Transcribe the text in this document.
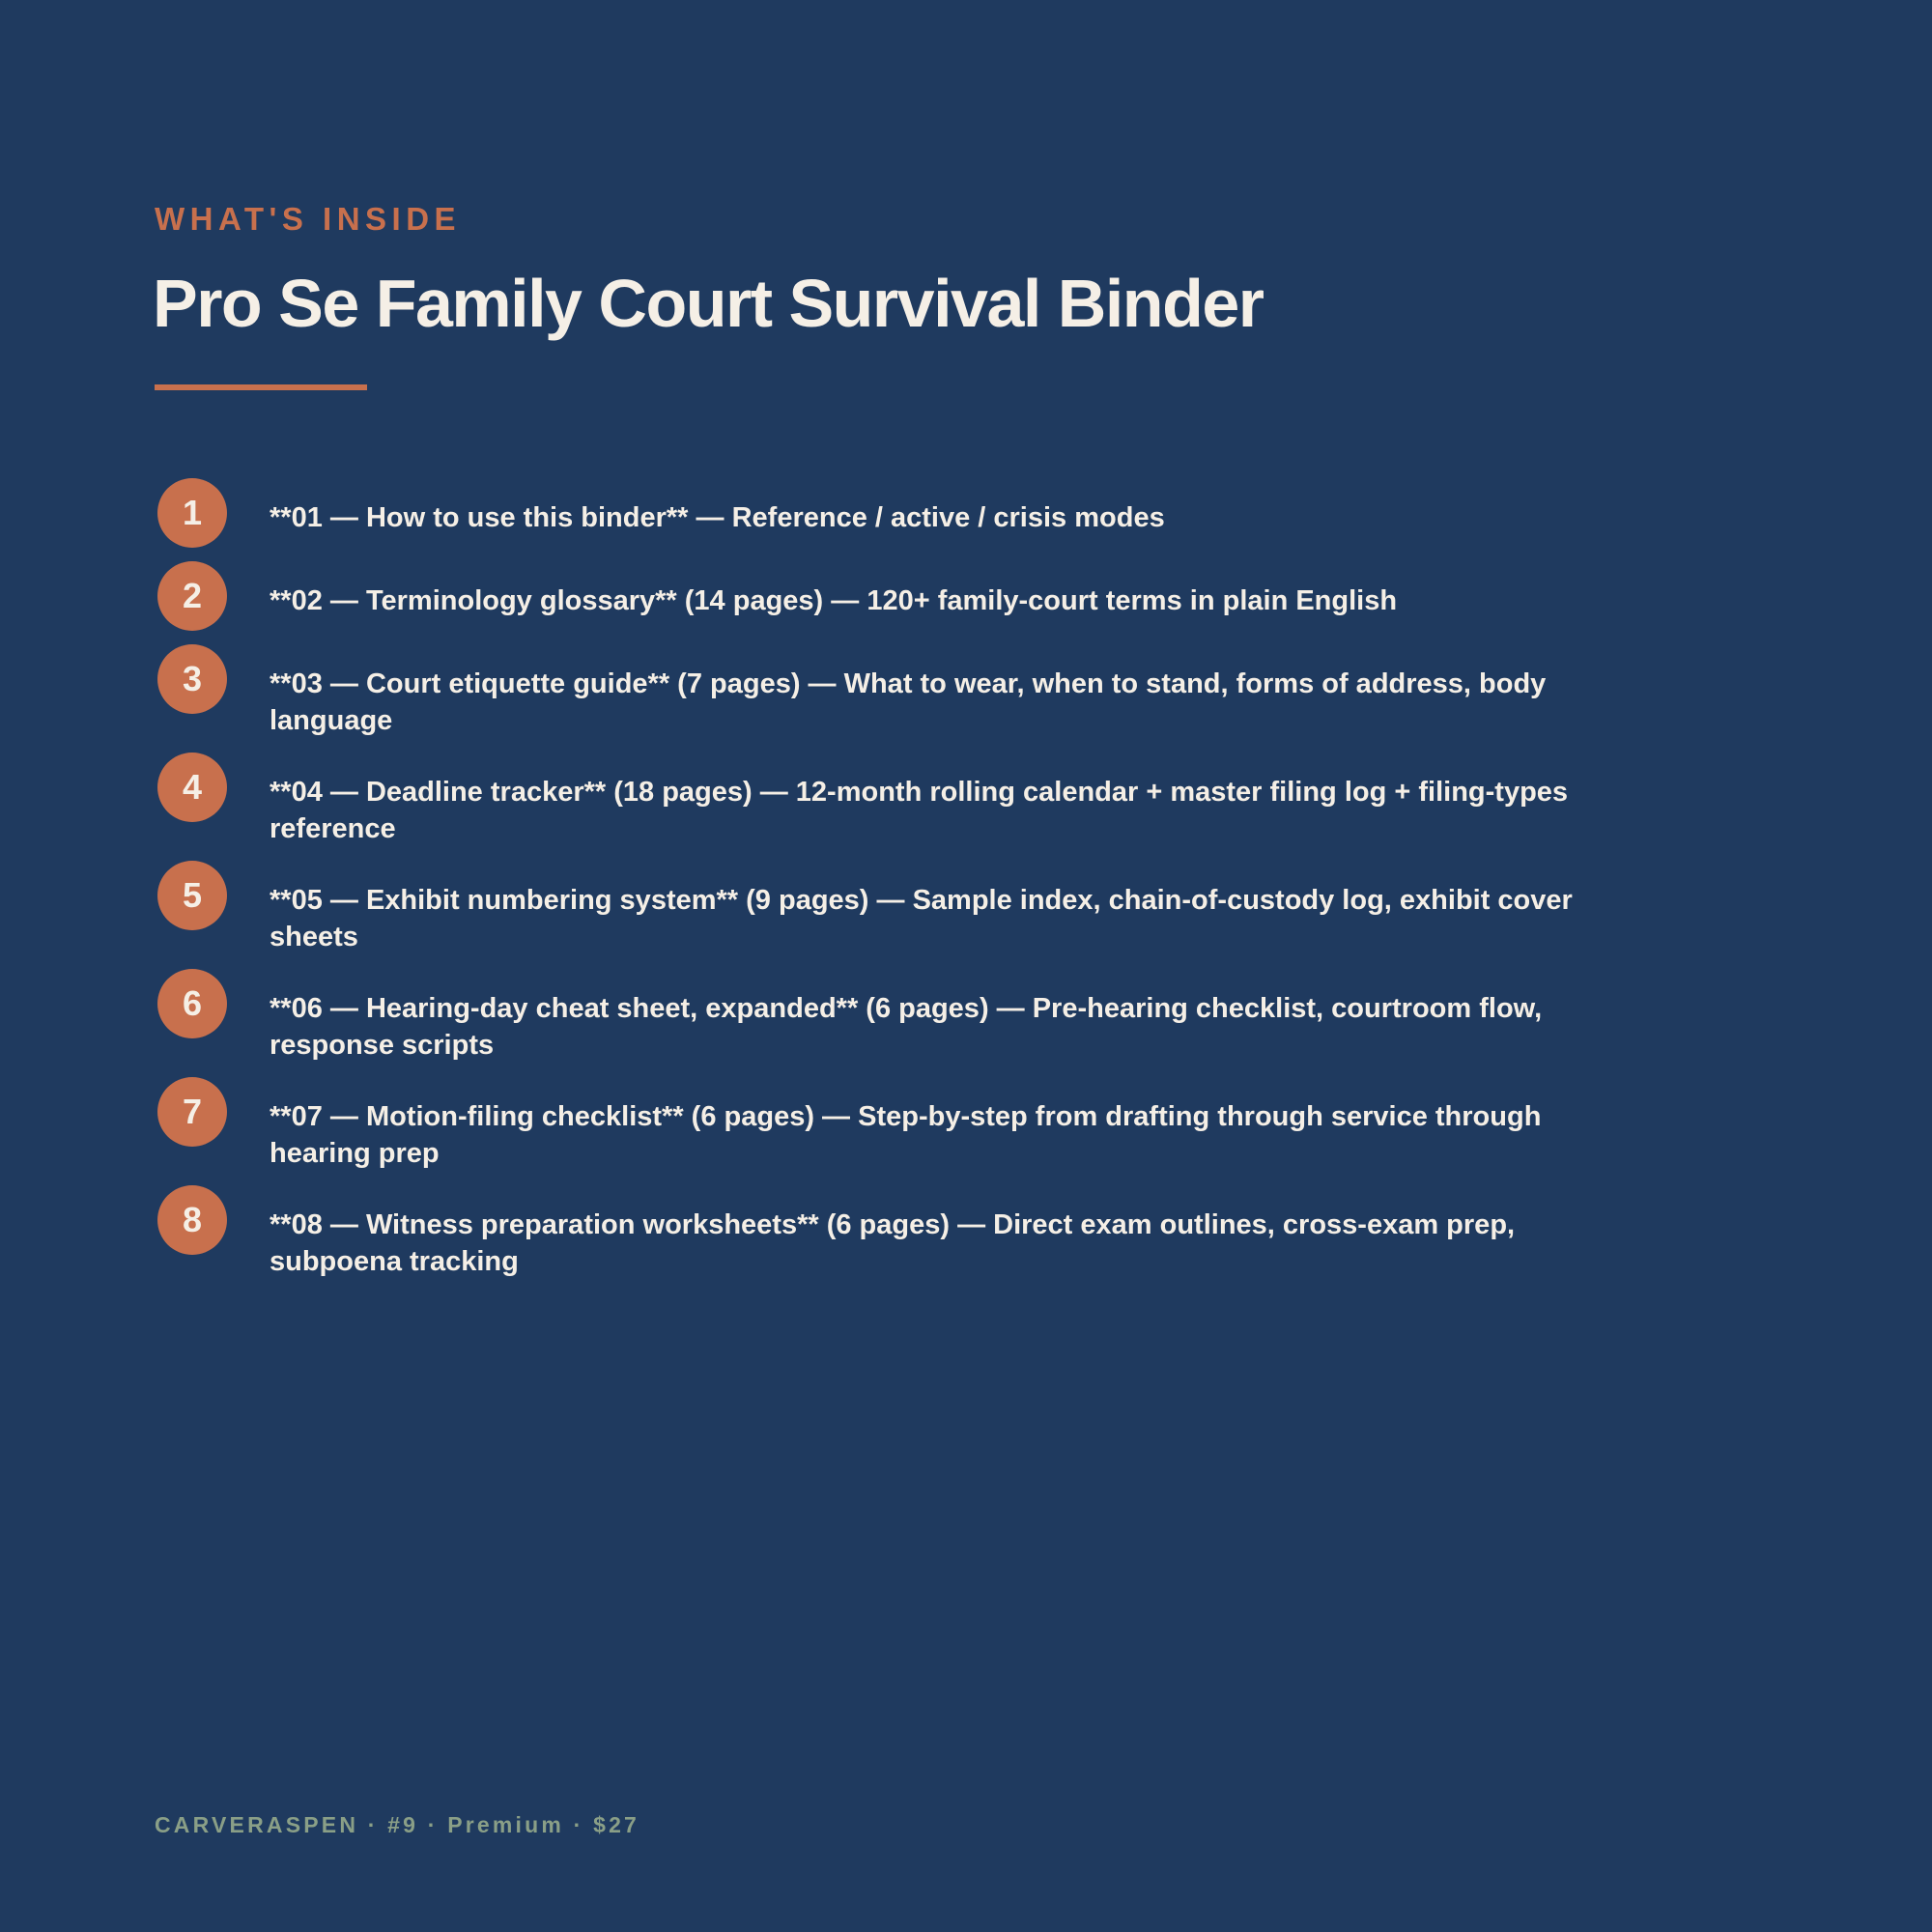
WHAT'S INSIDE
Pro Se Family Court Survival Binder
1	**01 — How to use this binder** — Reference / active / crisis modes
2	**02 — Terminology glossary** (14 pages) — 120+ family-court terms in plain English
3	**03 — Court etiquette guide** (7 pages) — What to wear, when to stand, forms of address, body language
4	**04 — Deadline tracker** (18 pages) — 12-month rolling calendar + master filing log + filing-types reference
5	**05 — Exhibit numbering system** (9 pages) — Sample index, chain-of-custody log, exhibit cover sheets
6	**06 — Hearing-day cheat sheet, expanded** (6 pages) — Pre-hearing checklist, courtroom flow, response scripts
7	**07 — Motion-filing checklist** (6 pages) — Step-by-step from drafting through service through hearing prep
8	**08 — Witness preparation worksheets** (6 pages) — Direct exam outlines, cross-exam prep, subpoena tracking
CARVERASPEN · #9 · Premium · $27
